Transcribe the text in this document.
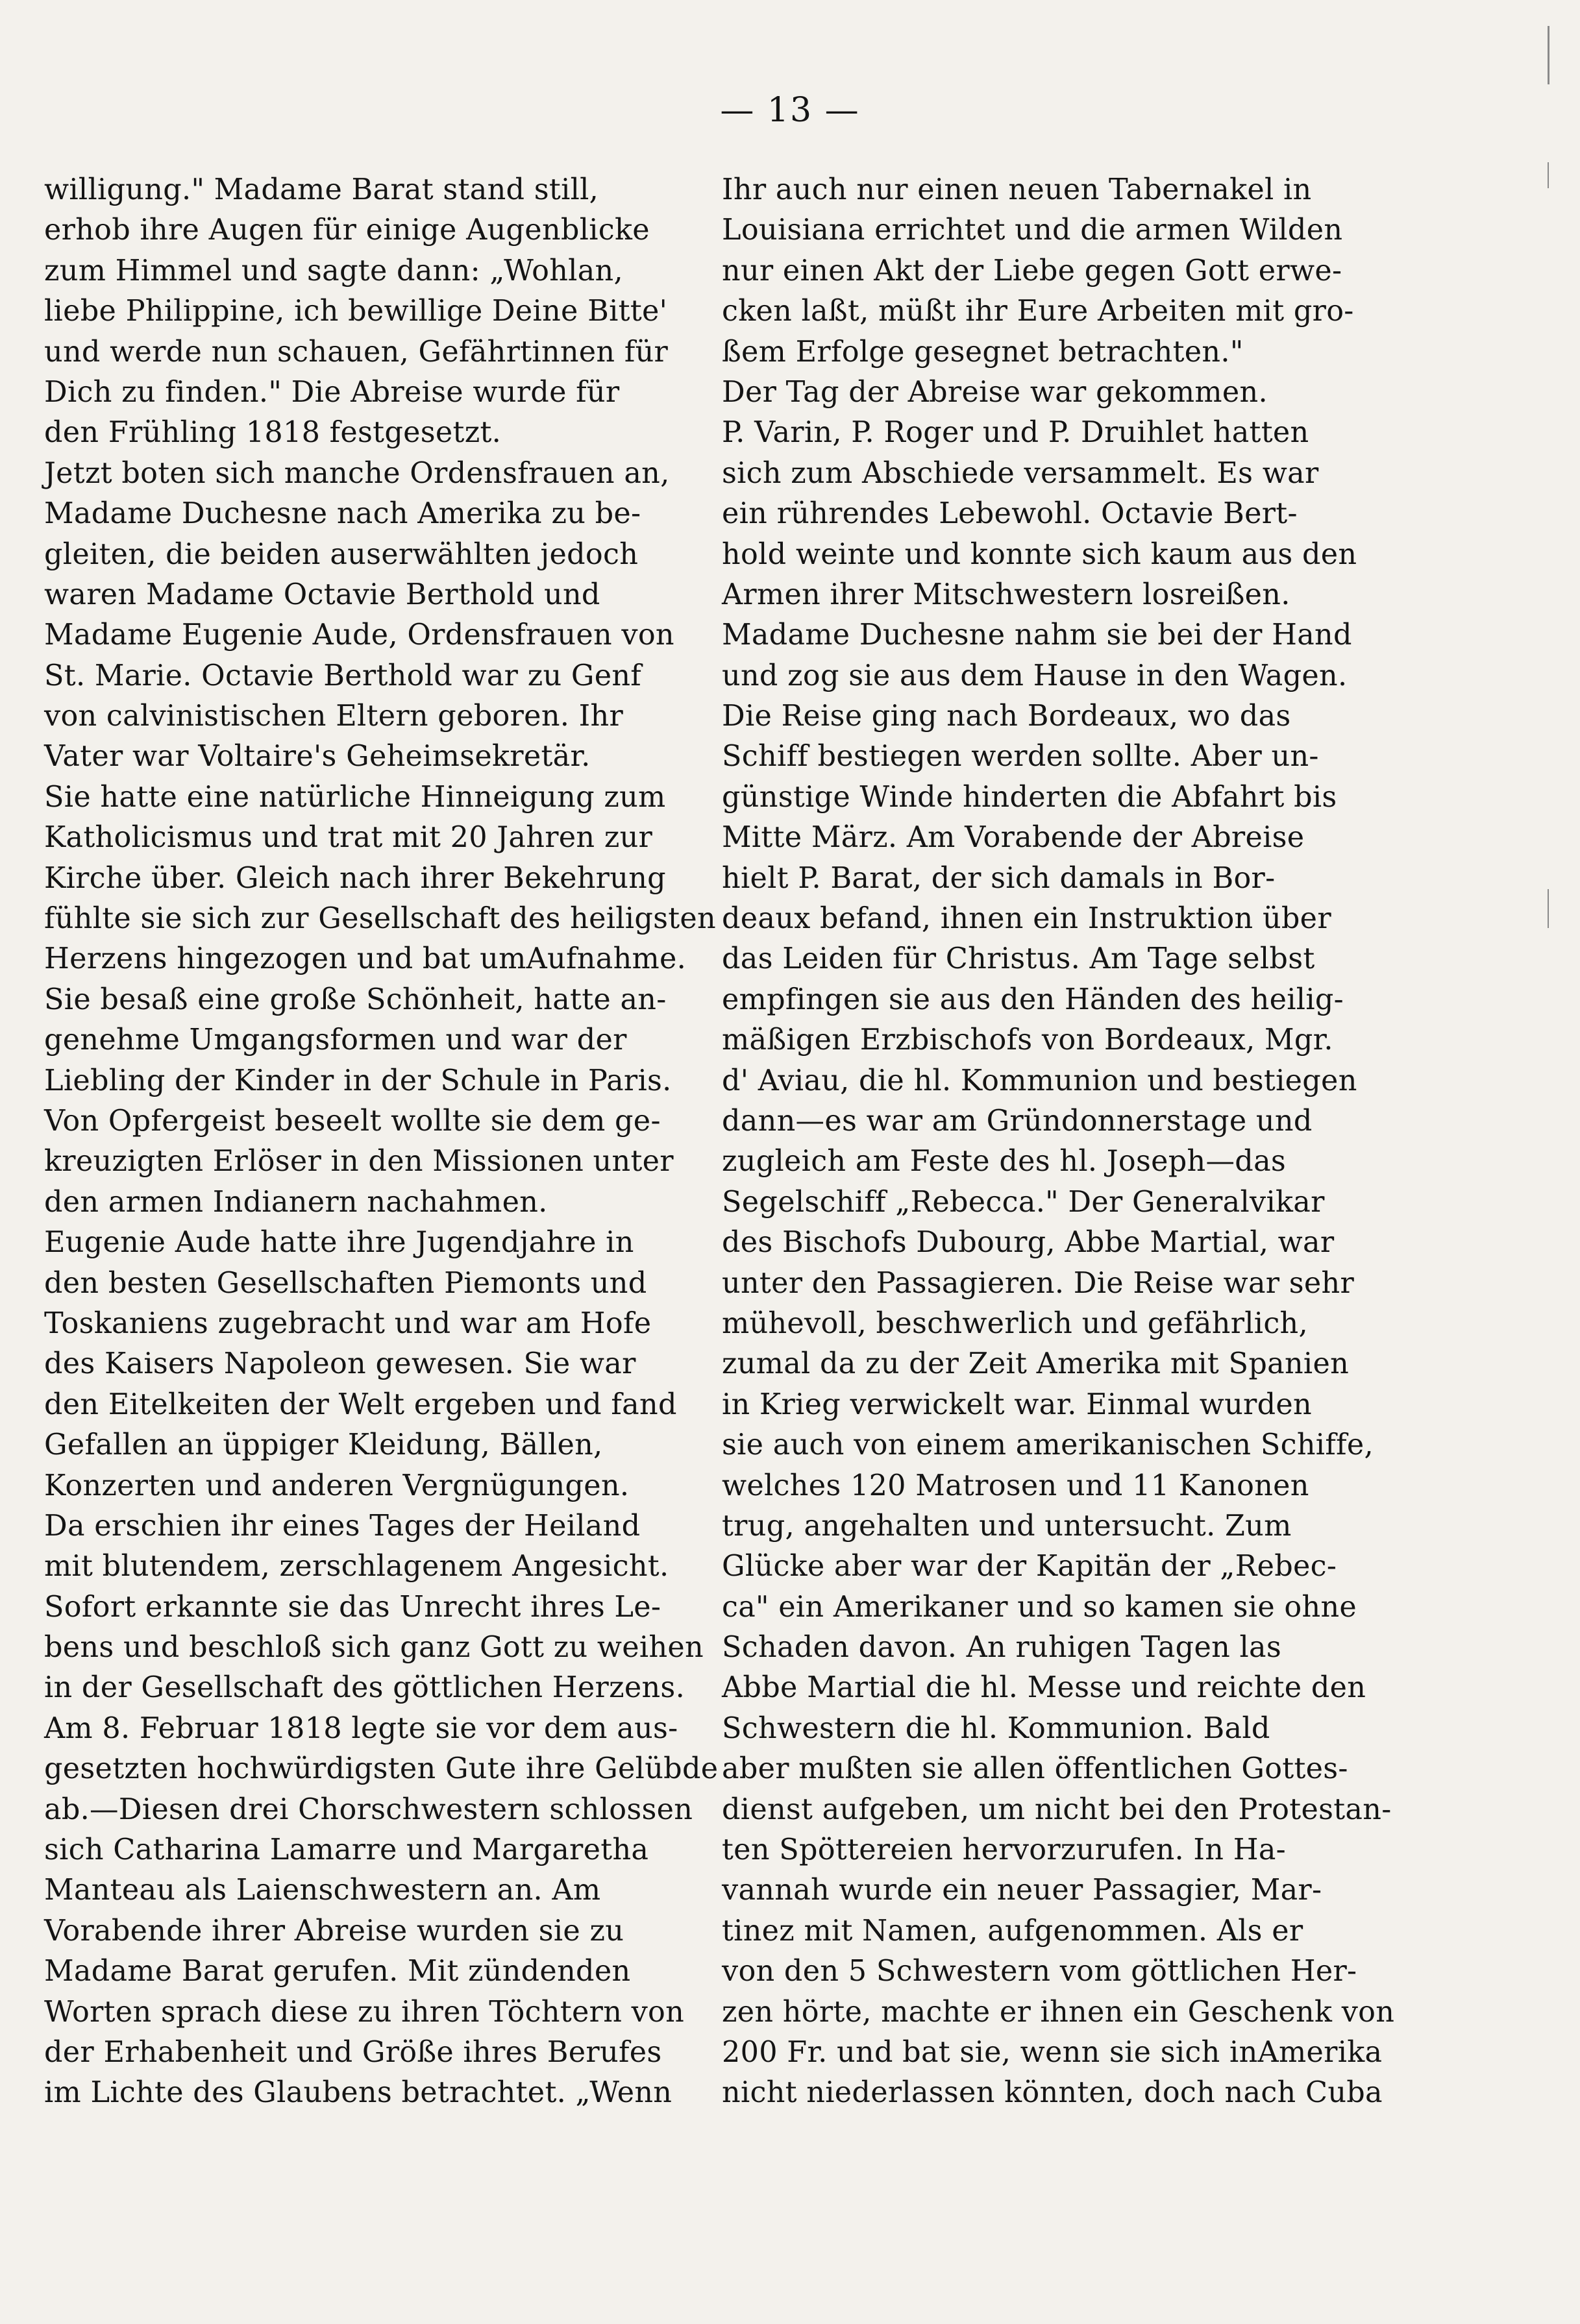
— 13 —
willigung." Madame Barat stand still,
erhob ihre Augen für einige Augenblicke
zum Himmel und sagte dann: „Wohlan,
liebe Philippine, ich bewillige Deine Bitte'
und werde nun schauen, Gefährtinnen für
Dich zu finden." Die Abreise wurde für
den Frühling 1818 festgesetzt.
Jetzt boten sich manche Ordensfrauen an,
Madame Duchesne nach Amerika zu be-
gleiten, die beiden auserwählten jedoch
waren Madame Octavie Berthold und
Madame Eugenie Aude, Ordensfrauen von
St. Marie. Octavie Berthold war zu Genf
von calvinistischen Eltern geboren. Ihr
Vater war Voltaire's Geheimsekretär.
Sie hatte eine natürliche Hinneigung zum
Katholicismus und trat mit 20 Jahren zur
Kirche über. Gleich nach ihrer Bekehrung
fühlte sie sich zur Gesellschaft des heiligsten
Herzens hingezogen und bat umAufnahme.
Sie besaß eine große Schönheit, hatte an-
genehme Umgangsformen und war der
Liebling der Kinder in der Schule in Paris.
Von Opfergeist beseelt wollte sie dem ge-
kreuzigten Erlöser in den Missionen unter
den armen Indianern nachahmen.
Eugenie Aude hatte ihre Jugendjahre in
den besten Gesellschaften Piemonts und
Toskaniens zugebracht und war am Hofe
des Kaisers Napoleon gewesen. Sie war
den Eitelkeiten der Welt ergeben und fand
Gefallen an üppiger Kleidung, Bällen,
Konzerten und anderen Vergnügungen.
Da erschien ihr eines Tages der Heiland
mit blutendem, zerschlagenem Angesicht.
Sofort erkannte sie das Unrecht ihres Le-
bens und beschloß sich ganz Gott zu weihen
in der Gesellschaft des göttlichen Herzens.
Am 8. Februar 1818 legte sie vor dem aus-
gesetzten hochwürdigsten Gute ihre Gelübde
ab.—Diesen drei Chorschwestern schlossen
sich Catharina Lamarre und Margaretha
Manteau als Laienschwestern an. Am
Vorabende ihrer Abreise wurden sie zu
Madame Barat gerufen. Mit zündenden
Worten sprach diese zu ihren Töchtern von
der Erhabenheit und Größe ihres Berufes
im Lichte des Glaubens betrachtet. „Wenn
Ihr auch nur einen neuen Tabernakel in
Louisiana errichtet und die armen Wilden
nur einen Akt der Liebe gegen Gott erwe-
cken laßt, müßt ihr Eure Arbeiten mit gro-
ßem Erfolge gesegnet betrachten."
Der Tag der Abreise war gekommen.
P. Varin, P. Roger und P. Druihlet hatten
sich zum Abschiede versammelt. Es war
ein rührendes Lebewohl. Octavie Bert-
hold weinte und konnte sich kaum aus den
Armen ihrer Mitschwestern losreißen.
Madame Duchesne nahm sie bei der Hand
und zog sie aus dem Hause in den Wagen.
Die Reise ging nach Bordeaux, wo das
Schiff bestiegen werden sollte. Aber un-
günstige Winde hinderten die Abfahrt bis
Mitte März. Am Vorabende der Abreise
hielt P. Barat, der sich damals in Bor-
deaux befand, ihnen ein Instruktion über
das Leiden für Christus. Am Tage selbst
empfingen sie aus den Händen des heilig-
mäßigen Erzbischofs von Bordeaux, Mgr.
d' Aviau, die hl. Kommunion und bestiegen
dann—es war am Gründonnerstage und
zugleich am Feste des hl. Joseph—das
Segelschiff „Rebecca." Der Generalvikar
des Bischofs Dubourg, Abbe Martial, war
unter den Passagieren. Die Reise war sehr
mühevoll, beschwerlich und gefährlich,
zumal da zu der Zeit Amerika mit Spanien
in Krieg verwickelt war. Einmal wurden
sie auch von einem amerikanischen Schiffe,
welches 120 Matrosen und 11 Kanonen
trug, angehalten und untersucht. Zum
Glücke aber war der Kapitän der „Rebec-
ca" ein Amerikaner und so kamen sie ohne
Schaden davon. An ruhigen Tagen las
Abbe Martial die hl. Messe und reichte den
Schwestern die hl. Kommunion. Bald
aber mußten sie allen öffentlichen Gottes-
dienst aufgeben, um nicht bei den Protestan-
ten Spöttereien hervorzurufen. In Ha-
vannah wurde ein neuer Passagier, Mar-
tinez mit Namen, aufgenommen. Als er
von den 5 Schwestern vom göttlichen Her-
zen hörte, machte er ihnen ein Geschenk von
200 Fr. und bat sie, wenn sie sich inAmerika
nicht niederlassen könnten, doch nach Cuba
